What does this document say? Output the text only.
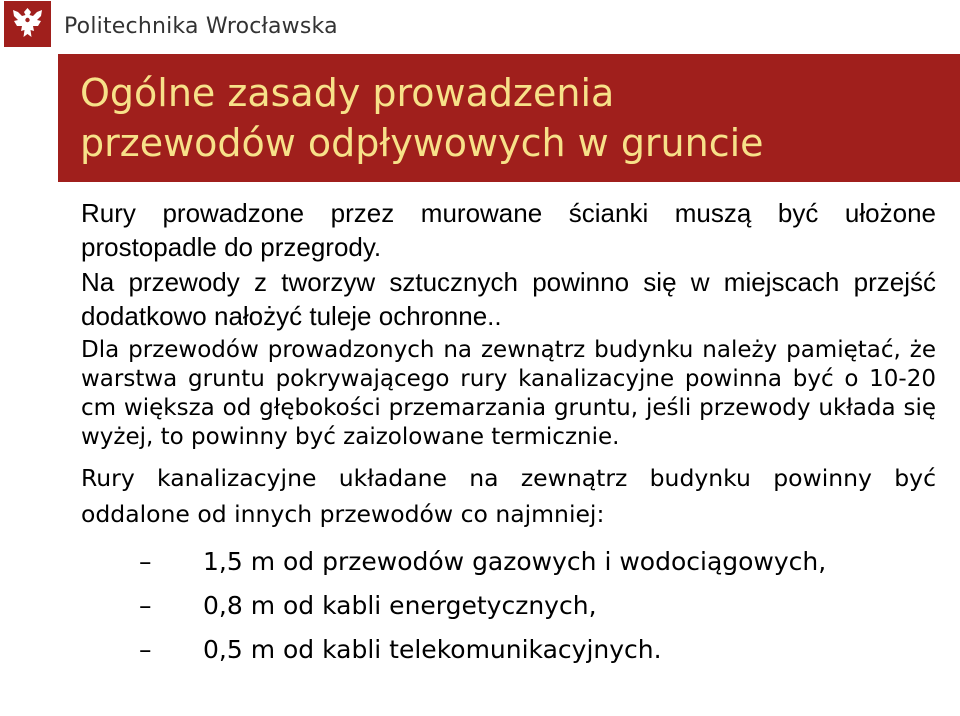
Politechnika Wrocławska
Ogólne zasady prowadzenia
przewodów odpływowych w gruncie

Rury prowadzone przez murowane ścianki muszą być ułożone prostopadle do przegrody.

Na przewody z tworzyw sztucznych powinno się w miejscach przejść dodatkowo nałożyć tuleje ochronne..

Dla przewodów prowadzonych na zewnątrz budynku należy pamiętać, że warstwa gruntu pokrywającego rury kanalizacyjne powinna być o 10-20 cm większa od głębokości przemarzania gruntu, jeśli przewody układa się wyżej, to powinny być zaizolowane termicznie.

Rury kanalizacyjne układane na zewnątrz budynku powinny być oddalone od innych przewodów co najmniej:

–	1,5 m od przewodów gazowych i wodociągowych,
–	0,8 m od kabli energetycznych,
–	0,5 m od kabli telekomunikacyjnych.
